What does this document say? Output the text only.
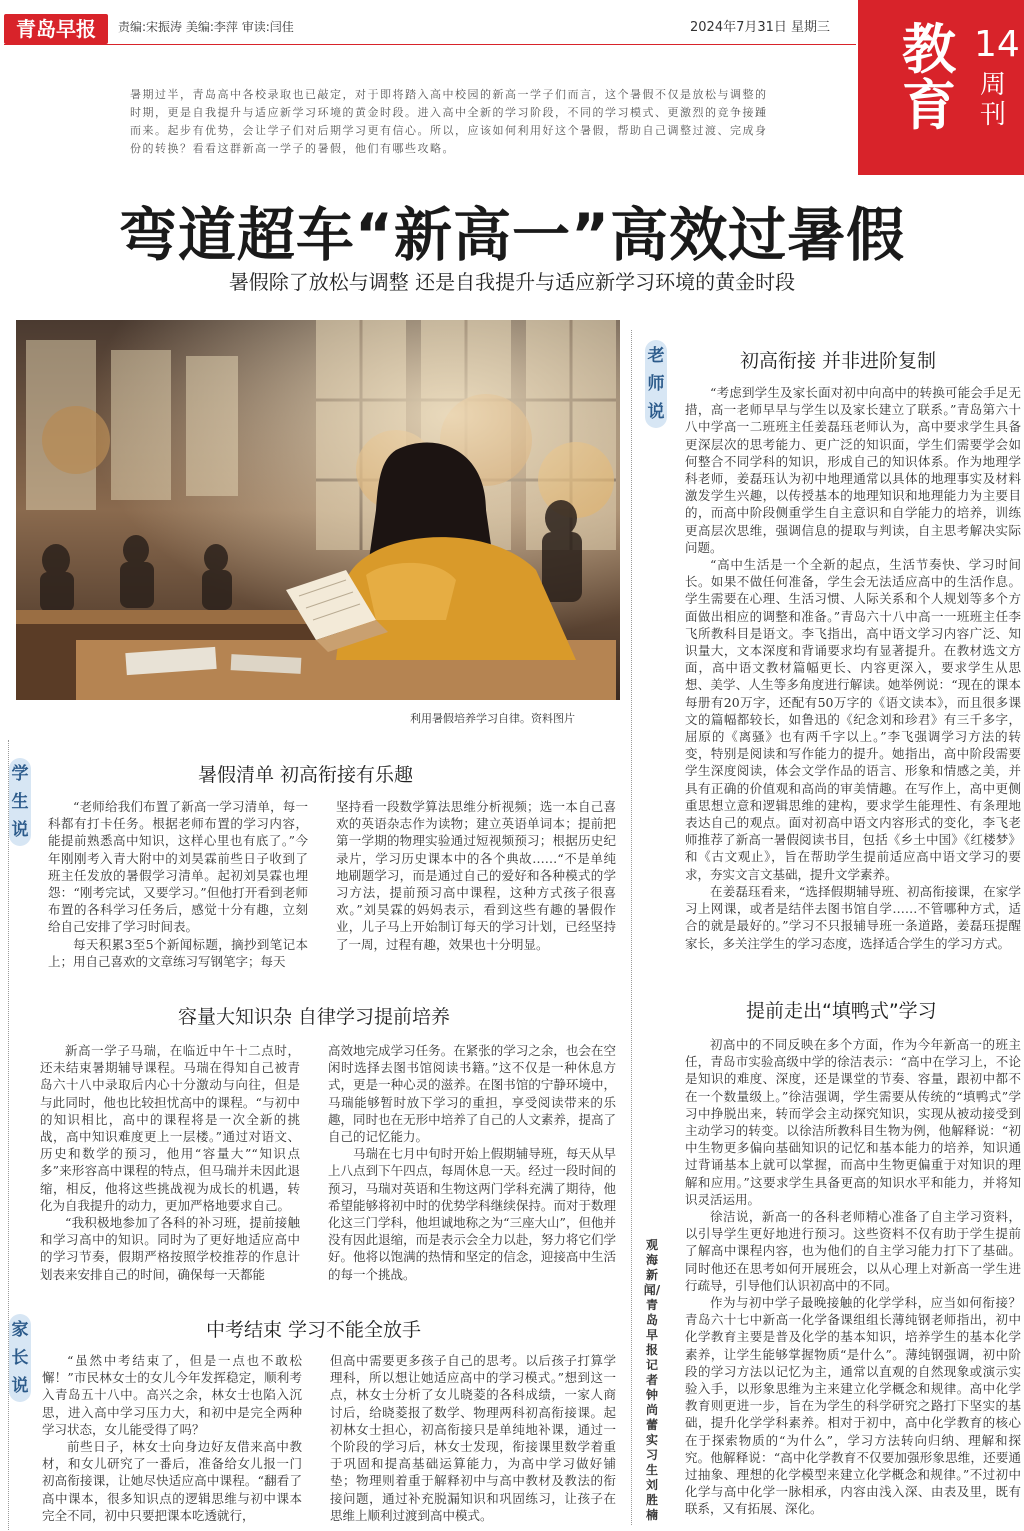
青岛早报	责编:宋振涛 美编:李萍 审读:闫佳	2024年7月31日 星期三 教育
14
周刊
暑期过半，青岛高中各校录取也已敲定，对于即将踏入高中校园的新高一学子们而言，这个暑假不仅是放松与调整的时期，更是自我提升与适应新学习环境的黄金时段。进入高中全新的学习阶段，不同的学习模式、更激烈的竞争接踵而来。起步有优势，会让学子们对后期学习更有信心。所以，应该如何利用好这个暑假，帮助自己调整过渡、完成身份的转换？看看这群新高一学子的暑假，他们有哪些攻略。
弯道超车“新高一”高效过暑假
暑假除了放松与调整 还是自我提升与适应新学习环境的黄金时段
利用暑假培养学习自律。资料图片
学生说
老师说
家长说
暑假清单 初高衔接有乐趣

“老师给我们布置了新高一学习清单，每一科都有打卡任务。根据老师布置的学习内容，能提前熟悉高中知识，这样心里也有底了。”今年刚刚考入青大附中的刘昊霖前些日子收到了班主任发放的暑假学习清单。起初刘昊霖也埋怨：“刚考完试，又要学习。”但他打开看到老师布置的各科学习任务后，感觉十分有趣，立刻给自己安排了学习时间表。

每天积累3至5个新闻标题，摘抄到笔记本上；用自己喜欢的文章练习写钢笔字；每天

坚持看一段数学算法思维分析视频；选一本自己喜欢的英语杂志作为读物；建立英语单词本；提前把第一学期的物理实验通过短视频预习；根据历史纪录片，学习历史课本中的各个典故……“不是单纯地刷题学习，而是通过自己的爱好和各种模式的学习方法，提前预习高中课程，这种方式孩子很喜欢。”刘昊霖的妈妈表示，看到这些有趣的暑假作业，儿子马上开始制订每天的学习计划，已经坚持了一周，过程有趣，效果也十分明显。

容量大知识杂 自律学习提前培养

新高一学子马瑞，在临近中午十二点时，还未结束暑期辅导课程。马瑞在得知自己被青岛六十八中录取后内心十分激动与向往，但是与此同时，他也比较担忧高中的课程。“与初中的知识相比，高中的课程将是一次全新的挑战，高中知识难度更上一层楼。”通过对语文、历史和数学的预习，他用“容量大”“知识点多”来形容高中课程的特点，但马瑞并未因此退缩，相反，他将这些挑战视为成长的机遇，转化为自我提升的动力，更加严格地要求自己。

“我积极地参加了各科的补习班，提前接触和学习高中的知识。同时为了更好地适应高中的学习节奏，假期严格按照学校推荐的作息计划表来安排自己的时间，确保每一天都能

高效地完成学习任务。在紧张的学习之余，也会在空闲时选择去图书馆阅读书籍。”这不仅是一种休息方式，更是一种心灵的滋养。在图书馆的宁静环境中，马瑞能够暂时放下学习的重担，享受阅读带来的乐趣，同时也在无形中培养了自己的人文素养，提高了自己的记忆能力。

马瑞在七月中旬时开始上假期辅导班，每天从早上八点到下午四点，每周休息一天。经过一段时间的预习，马瑞对英语和生物这两门学科充满了期待，他希望能够将初中时的优势学科继续保持。而对于数理化这三门学科，他坦诚地称之为“三座大山”，但他并没有因此退缩，而是表示会全力以赴，努力将它们学好。他将以饱满的热情和坚定的信念，迎接高中生活的每一个挑战。

中考结束 学习不能全放手

“虽然中考结束了，但是一点也不敢松懈！”市民林女士的女儿今年发挥稳定，顺利考入青岛五十八中。高兴之余，林女士也陷入沉思，进入高中学习压力大，和初中是完全两种学习状态，女儿能受得了吗？

前些日子，林女士向身边好友借来高中教材，和女儿研究了一番后，准备给女儿报一门初高衔接课，让她尽快适应高中课程。“翻看了高中课本，很多知识点的逻辑思维与初中课本完全不同，初中只要把课本吃透就行，

但高中需要更多孩子自己的思考。以后孩子打算学理科，所以想让她适应高中的学习模式。”想到这一点，林女士分析了女儿晓菱的各科成绩，一家人商讨后，给晓菱报了数学、物理两科初高衔接课。起初林女士担心，初高衔接只是单纯地补课，通过一个阶段的学习后，林女士发现，衔接课里数学着重于巩固和提高基础运算能力，为高中学习做好铺垫；物理则着重于解释初中与高中教材及教法的衔接问题，通过补充脱漏知识和巩固练习，让孩子在思维上顺利过渡到高中模式。

初高衔接 并非进阶复制

“考虑到学生及家长面对初中向高中的转换可能会手足无措，高一老师早早与学生以及家长建立了联系。”青岛第六十八中学高一二班班主任姜磊珏老师认为，高中要求学生具备更深层次的思考能力、更广泛的知识面，学生们需要学会如何整合不同学科的知识，形成自己的知识体系。作为地理学科老师，姜磊珏认为初中地理通常以具体的地理事实及材料激发学生兴趣，以传授基本的地理知识和地理能力为主要目的，而高中阶段侧重学生自主意识和自学能力的培养，训练更高层次思维，强调信息的提取与判读，自主思考解决实际问题。

“高中生活是一个全新的起点，生活节奏快、学习时间长。如果不做任何准备，学生会无法适应高中的生活作息。学生需要在心理、生活习惯、人际关系和个人规划等多个方面做出相应的调整和准备。”青岛六十八中高一一班班主任李飞所教科目是语文。李飞指出，高中语文学习内容广泛、知识量大，文本深度和背诵要求均有显著提升。在教材选文方面，高中语文教材篇幅更长、内容更深入，要求学生从思想、美学、人生等多角度进行解读。她举例说：“现在的课本每册有20万字，还配有50万字的《语文读本》，而且很多课文的篇幅都较长，如鲁迅的《纪念刘和珍君》有三千多字，屈原的《离骚》也有两千字以上。”李飞强调学习方法的转变，特别是阅读和写作能力的提升。她指出，高中阶段需要学生深度阅读，体会文学作品的语言、形象和情感之美，并具有正确的价值观和高尚的审美情趣。在写作上，高中更侧重思想立意和逻辑思维的建构，要求学生能理性、有条理地表达自己的观点。面对初高中语文内容形式的变化，李飞老师推荐了新高一暑假阅读书目，包括《乡土中国》《红楼梦》和《古文观止》，旨在帮助学生提前适应高中语文学习的要求，夯实文言文基础，提升文学素养。

在姜磊珏看来，“选择假期辅导班、初高衔接课，在家学习上网课，或者是结伴去图书馆自学……不管哪种方式，适合的就是最好的。”学习不只报辅导班一条道路，姜磊珏提醒家长，多关注学生的学习态度，选择适合学生的学习方式。

提前走出“填鸭式”学习

初高中的不同反映在多个方面，作为今年新高一的班主任，青岛市实验高级中学的徐洁表示：“高中在学习上，不论是知识的难度、深度，还是课堂的节奏、容量，跟初中都不在一个数量级上。”徐洁强调，学生需要从传统的“填鸭式”学习中挣脱出来，转而学会主动探究知识，实现从被动接受到主动学习的转变。以徐洁所教科目生物为例，他解释说：“初中生物更多偏向基础知识的记忆和基本能力的培养，知识通过背诵基本上就可以掌握，而高中生物更偏重于对知识的理解和应用。”这要求学生具备更高的知识水平和能力，并将知识灵活运用。

徐洁说，新高一的各科老师精心准备了自主学习资料，以引导学生更好地进行预习。这些资料不仅有助于学生提前了解高中课程内容，也为他们的自主学习能力打下了基础。同时他还在思考如何开展班会，以从心理上对新高一学生进行疏导，引导他们认识初高中的不同。

作为与初中学子最晚接触的化学学科，应当如何衔接？青岛六十七中新高一化学备课组组长薄纯钢老师指出，初中化学教育主要是普及化学的基本知识，培养学生的基本化学素养，让学生能够掌握物质“是什么”。薄纯钢强调，初中阶段的学习方法以记忆为主，通常以直观的自然现象或演示实验入手，以形象思维为主来建立化学概念和规律。高中化学教育则更进一步，旨在为学生的科学研究之路打下坚实的基础，提升化学学科素养。相对于初中，高中化学教育的核心在于探索物质的“为什么”，学习方法转向归纳、理解和探究。他解释说：“高中化学教育不仅要加强形象思维，还要通过抽象、理想的化学模型来建立化学概念和规律。”不过初中化学与高中化学一脉相承，内容由浅入深、由表及里，既有联系，又有拓展、深化。

观海新闻/青岛早报记者 钟尚蕾 实习生 刘胜楠
